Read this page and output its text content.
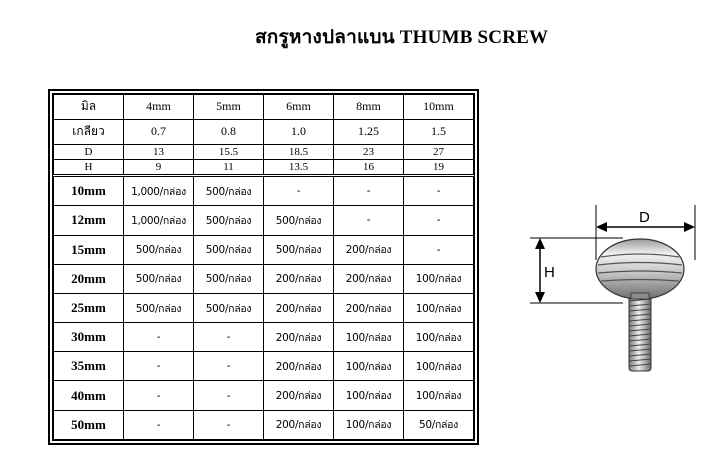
สกรูหางปลาแบน THUMB SCREW
มิล	4mm	5mm	6mm	8mm	10mm
เกลียว	0.7	0.8	1.0	1.25	1.5
D	13	15.5	18.5	23	27
H	9	11	13.5	16	19
10mm	1,000/กล่อง	500/กล่อง	-	-	-
12mm	1,000/กล่อง	500/กล่อง	500/กล่อง	-	-
15mm	500/กล่อง	500/กล่อง	500/กล่อง	200/กล่อง	-
20mm	500/กล่อง	500/กล่อง	200/กล่อง	200/กล่อง	100/กล่อง
25mm	500/กล่อง	500/กล่อง	200/กล่อง	200/กล่อง	100/กล่อง
30mm	-	-	200/กล่อง	100/กล่อง	100/กล่อง
35mm	-	-	200/กล่อง	100/กล่อง	100/กล่อง
40mm	-	-	200/กล่อง	100/กล่อง	100/กล่อง
50mm	-	-	200/กล่อง	100/กล่อง	50/กล่อง
D
H
